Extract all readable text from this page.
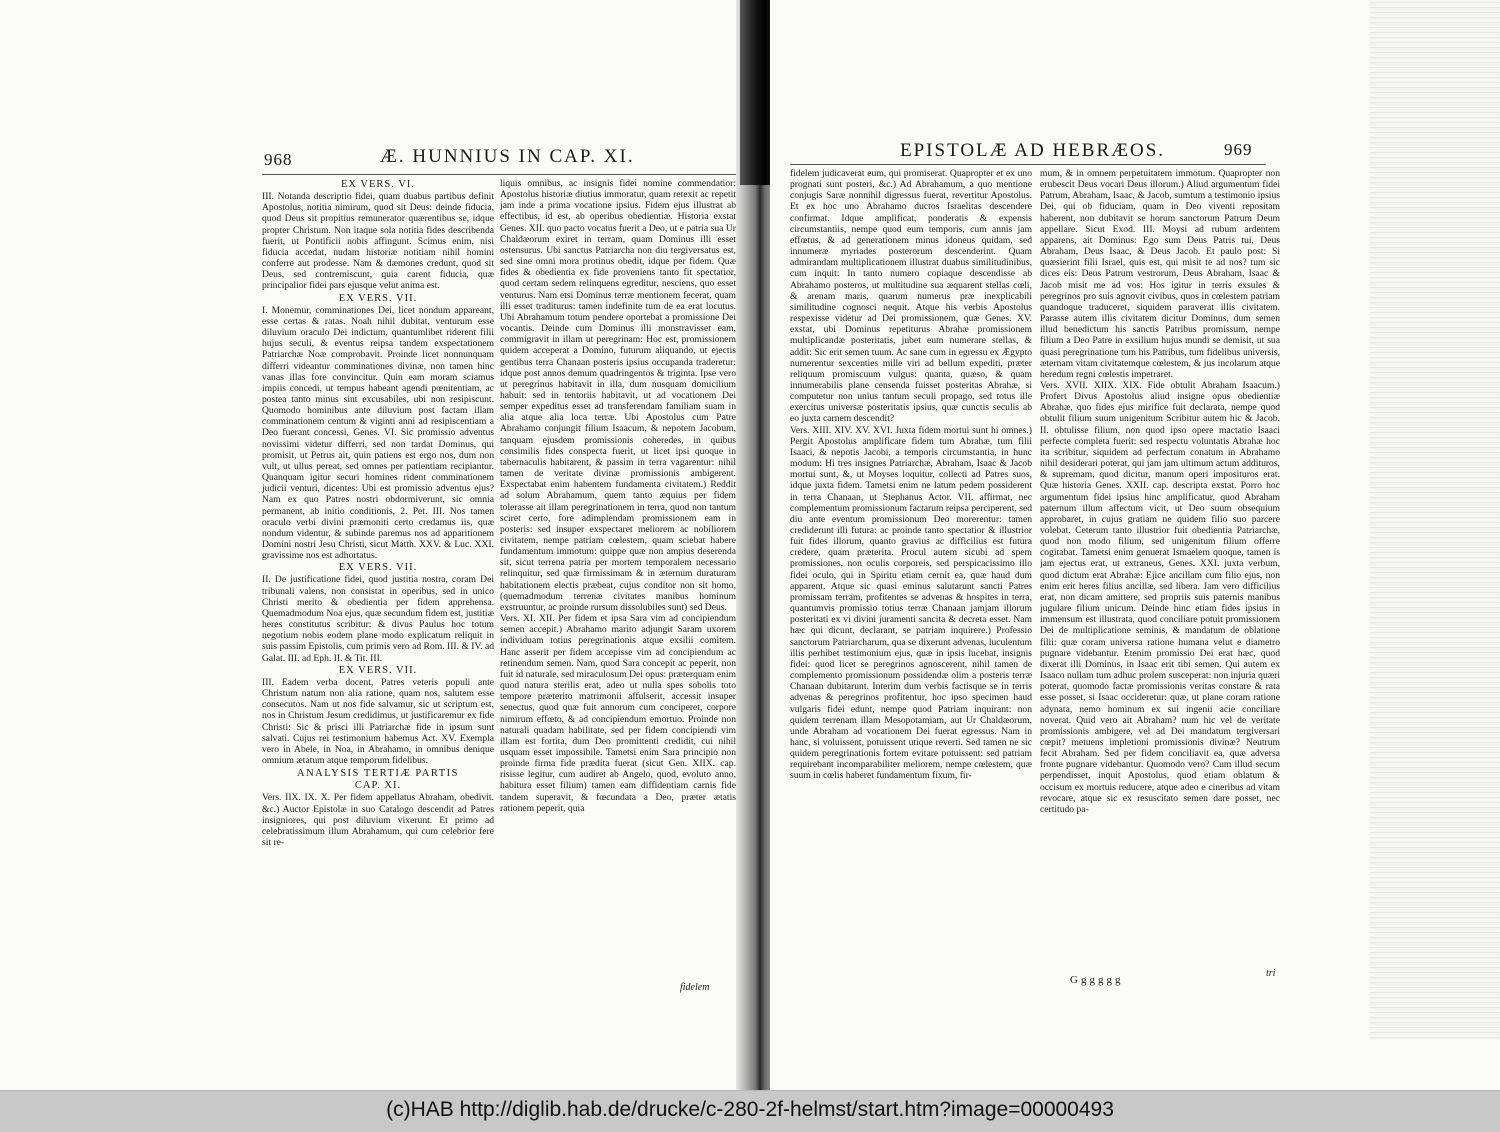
968	Æ. HUNNIUS IN CAP. XI.
EX VERS. VI.

III. Notanda descriptio fidei, quam duabus partibus definit Apostolus, notitia nimirum, quod sit Deus: deinde fiducia, quod Deus sit propitius remunerator quærentibus se, idque propter Christum. Non itaque sola notitia fides describenda fuerit, ut Pontificii nobis affingunt. Scimus enim, nisi fiducia accedat, nudam historiæ notitiam nihil homini conferre aut prodesse. Nam & dæmones credunt, quod sit Deus, sed contremiscunt, quia carent fiducia, quæ principalior fidei pars ejusque velut anima est.

EX VERS. VII.

I. Monemur, comminationes Dei, licet nondum appareant, esse certas & ratas. Noah nihil dubitat, venturum esse diluvium oraculo Dei indictum, quantumlibet riderent filii hujus seculi, & eventus reipsa tandem exspectationem Patriarchæ Noæ comprobavit. Proinde licet nonnunquam differri videantur comminationes divinæ, non tamen hinc vanas illas fore convincitur. Quin eam moram sciamus impiis concedi, ut tempus habeant agendi pœnitentiam, ac postea tanto minus sint excusabiles, ubi non resipiscunt. Quomodo hominibus ante diluvium post factam illam comminationem centum & viginti anni ad resipiscentiam a Deo fuerant concessi, Genes. VI. Sic promissio adventus novissimi videtur differri, sed non tardat Dominus, qui promisit, ut Petrus ait, quin patiens est ergo nos, dum non vult, ut ullus pereat, sed omnes per patientiam recipiantur. Quanquam igitur securi homines rident comminationem judicii venturi, dicentes: Ubi est promissio adventus ejus? Nam ex quo Patres nostri obdormiverunt, sic omnia permanent, ab initio conditionis, 2. Pet. III. Nos tamen oraculo verbi divini præmoniti certo credamus iis, quæ nondum videntur, & subinde paremus nos ad apparitionem Domini nostri Jesu Christi, sicut Matth. XXV. & Luc. XXI. gravissime nos est adhortatus.

EX VERS. VII.

II. De justificatione fidei, quod justitia nostra, coram Dei tribunali valens, non consistat in operibus, sed in unico Christi merito & obedientia per fidem apprehensa. Quemadmodum Noa ejus, quæ secundum fidem est, justitiæ heres constitutus scribitur: & divus Paulus hoc totum negotium nobis eodem plane modo explicatum reliquit in suis passim Epistolis, cum primis vero ad Rom. III. & IV. ad Galat. III. ad Eph. II. & Tit. III.

EX VERS. VII.

III. Eadem verba docent, Patres veteris populi ante Christum natum non alia ratione, quam nos, salutem esse consecutos. Nam ut nos fide salvamur, sic ut scriptum est, nos in Christum Jesum credidimus, ut justificaremur ex fide Christi: Sic & prisci illi Patriarchæ fide in ipsum sunt salvati. Cujus rei testimonium habemus Act. XV. Exempla vero in Abele, in Noa, in Abrahamo, in omnibus denique omnium ætatum atque temporum fidelibus.

ANALYSIS TERTIÆ PARTIS
CAP. XI.

Vers. IIX. IX. X. Per fidem appellatus Abraham, obedivit. &c.) Auctor Epistolæ in suo Catalogo descendit ad Patres insigniores, qui post diluvium vixerunt. Et primo ad celebratissimum illum Abrahamum, qui cum celebrior fere sit re-

liquis omnibus, ac insignis fidei nomine commendatior: Apostolus historiæ diutius immoratur, quam retexit ac repetit jam inde a prima vocatione ipsius. Fidem ejus illustrat ab effectibus, id est, ab operibus obedientiæ. Historia exstat Genes. XII. quo pacto vocatus fuerit a Deo, ut e patria sua Ur Chaldæorum exiret in terram, quam Dominus illi esset ostensurus. Ubi sanctus Patriarcha non diu tergiversatus est, sed sine omni mora protinus obedit, idque per fidem. Quæ fides & obedientia ex fide proveniens tanto fit spectatior, quod certam sedem relinquens egreditur, nesciens, quo esset venturus. Nam etsi Dominus terræ mentionem fecerat, quam illi esset traditurus: tamen indefinite tum de ea erat locutus. Ubi Abrahamum totum pendere oportebat a promissione Dei vocantis. Deinde cum Dominus illi monstravisset eam, commigravit in illam ut peregrinam: Hoc est, promissionem quidem acceperat a Domino, futurum aliquando, ut ejectis gentibus terra Chanaan posteris ipsius occupanda traderetur: idque post annos demum quadringentos & triginta. Ipse vero ut peregrinus habitavit in illa, dum nusquam domicilium habuit: sed in tentoriis habitavit, ut ad vocationem Dei semper expeditus esset ad transferendam familiam suam in alia atque alia loca terræ. Ubi Apostolus cum Patre Abrahamo conjungit filium Isaacum, & nepotem Jacobum, tanquam ejusdem promissionis coheredes, in quibus consimilis fides conspecta fuerit, ut licet ipsi quoque in tabernaculis habitarent, & passim in terra vagarentur: nihil tamen de veritate divinæ promissionis ambigerent. Exspectabat enim habentem fundamenta civitatem.) Reddit ad solum Abrahamum, quem tanto æquius per fidem tolerasse ait illam peregrinationem in terra, quod non tantum sciret certo, fore adimplendam promissionem eam in posteris: sed insuper exspectaret meliorem ac nobiliorem civitatem, nempe patriam cœlestem, quam sciebat habere fundamentum immotum: quippe quæ non ampius deserenda sit, sicut terrena patria per mortem temporalem necessario relinquitur, sed quæ firmissimam & in æternum duraturam habitationem electis præbeat, cujus conditor non sit homo, (quemadmodum terrenæ civitates manibus hominum exstruuntur, ac proinde rursum dissolubiles sunt) sed Deus.

Vers. XI. XII. Per fidem et ipsa Sara vim ad concipiendum semen accepit.) Abrahamo marito adjungit Saram uxorem individuam totius peregrinationis atque exsilii comitem. Hanc asserit per fidem accepisse vim ad concipiendum ac retinendum semen. Nam, quod Sara concepit ac peperit, non fuit id naturale, sed miraculosum Dei opus: præterquam enim quod natura sterilis erat, adeo ut nulla spes sobolis toto tempore præterito matrimonii affulserit, accessit insuper senectus, quod quæ fuit annorum cum conciperet, corpore nimirum effœto, & ad concipiendum emortuo. Proinde non naturali quadam habilitate, sed per fidem concipiendi vim illam est fortita, dum Deo promittenti credidit, cui nihil usquam esset impossibile. Tametsi enim Sara principio non proinde firma fide prædita fuerat (sicut Gen. XIIX. cap. risisse legitur, cum audiret ab Angelo, quod, evoluto anno, habitura esset filium) tamen eam diffidentiam carnis fide tandem superavit, & fœcundata a Deo, præter ætatis rationem peperit, quia

fidelem
EPISTOLÆ AD HEBRÆOS.	969

fidelem judicaverat eum, qui promiserat. Quapropter et ex uno prognati sunt posteri, &c.) Ad Abrahamum, a quo mentione conjugis Saræ nonnihil digressus fuerat, revertitur Apostolus. Et ex hoc uno Abrahamo ductos Israelitas descendere confirmat. Idque amplificat, ponderatis & expensis circumstantiis, nempe quod eum temporis, cum annis jam effœtus, & ad generationem minus idoneus quidam, sed innumeræ myriades posterorum descenderint. Quam admirandam multiplicationem illustrat duabus similitudinibus, cum inquit: In tanto numero copiaque descendisse ab Abrahamo posteros, ut multitudine sua æquarent stellas cœli, & arenam maris, quarum numerus præ inexplicabili similitudine cognosci nequit. Atque his verbis Apostolus respexisse videtur ad Dei promissionem, quæ Genes. XV. exstat, ubi Dominus repetiturus Abrahæ promissionem multiplicandæ posteritatis, jubet eum numerare stellas, & addit: Sic erit semen tuum. Ac sane cum in egressu ex Ægypto numerentur sexcenties mille viri ad bellum expediti, præter reliquum promiscuum vulgus: quanta, quæso, & quam innumerabilis plane censenda fuisset posteritas Abrahæ, si computetur non unius tantum seculi propago, sed totus ille exercitus universæ posteritatis ipsius, quæ cunctis seculis ab eo juxta carnem descendit?

Vers. XIII. XIV. XV. XVI. Juxta fidem mortui sunt hi omnes.) Pergit Apostolus amplificare fidem tum Abrahæ, tum filii Isaaci, & nepotis Jacobi, a temporis circumstantia, in hunc modum: Hi tres insignes Patriarchæ, Abraham, Isaac & Jacob mortui sunt, &, ut Moyses loquitur, collecti ad Patres suos, idque juxta fidem. Tametsi enim ne latum pedem possiderent in terra Chanaan, ut Stephanus Actor. VII. affirmat, nec complementum promissionum factarum reipsa perciperent, sed diu ante eventum promissionum Deo morerentur: tamen crediderunt illi futura: ac proinde tanto spectatior & illustrior fuit fides illorum, quanto gravius ac difficilius est futura credere, quam præterita. Procul autem sicubi ad spem promissiones, non oculis corporeis, sed perspicacissimo illo fidei oculo, qui in Spiritu etiam cernit ea, quæ haud dum apparent. Atque sic quasi eminus salutarunt sancti Patres promissam terram, profitentes se advenas & hospites in terra, quantumvis promissio totius terræ Chanaan jamjam illorum posteritati ex vi divini juramenti sancita & decreta esset. Nam hæc qui dicunt, declarant, se patriam inquirere.) Professio sanctorum Patriarcharum, qua se dixerunt advenas, luculentum illis perhibet testimonium ejus, quæ in ipsis lucebat, insignis fidei: quod licet se peregrinos agnoscerent, nihil tamen de complemento promissionum possidendæ olim a posteris terræ Chanaan dubitarunt. Interim dum verbis factisque se in terris advenas & peregrinos profitentur, hoc ipso specimen haud vulgaris fidei edunt, nempe quod Patriam inquirant: non quidem terrenam illam Mesopotamiam, aut Ur Chaldæorum, unde Abraham ad vocationem Dei fuerat egressus. Nam in hanc, si voluissent, potuissent utique reverti. Sed tamen ne sic quidem peregrinationis fortem evitare potuissent: sed patriam requirebant incomparabiliter meliorem, nempe cœlestem, quæ suum in cœlis haberet fundamentum fixum, fir-

mum, & in omnem perpetuitatem immotum. Quapropter non erubescit Deus vocari Deus illorum.) Aliud argumentum fidei Patrum, Abraham, Isaac, & Jacob, sumtum a testimonio ipsius Dei, qui ob fiduciam, quam in Deo viventi repositam haberent, non dubitavit se horum sanctorum Patrum Deum appellare. Sicut Exod. III. Moysi ad rubum ardentem apparens, ait Dominus: Ego sum Deus Patris tui, Deus Abraham, Deus Isaac, & Deus Jacob. Et paulo post: Si quæsierint filii Israel, quis est, qui misit te ad nos? tum sic dices eis: Deus Patrum vestrorum, Deus Abraham, Isaac & Jacob misit me ad vos: Hos igitur in terris exsules & peregrinos pro suis agnovit civibus, quos in cœlestem patriam quandoque traduceret, siquidem paraverat illis civitatem. Parasse autem illis civitatem dicitur Dominus, dum semen illud benedictum his sanctis Patribus promissum, nempe filium a Deo Patre in exsilium hujus mundi se demisit, ut sua quasi peregrinatione tum his Patribus, tum fidelibus universis, æternam vitam civitatemque cœlestem, & jus incolarum atque heredum regni cœlestis impetraret.

Vers. XVII. XIIX. XIX. Fide obtulit Abraham Isaacum.) Profert Divus Apostolus aliud insigne opus obedientiæ Abrahæ, quo fides ejus mirifice fuit declarata, nempe quod obtulit filium suum unigenitum Scribitur autem hic & Jacob. II. obtulisse filium, non quod ipso opere mactatio Isaaci perfecte completa fuerit: sed respectu voluntatis Abrahæ hoc ita scribitur, siquidem ad perfectum conatum in Abrahamo nihil desiderari poterat, qui jam jam ultimum actum addituros, & supremam, quod dicitur, manum operi imposituros erat. Quæ historia Genes. XXII. cap. descripta exstat. Porro hoc argumentum fidei ipsius hinc amplificatur, quod Abraham paternum illum affectum vicit, ut Deo suum obsequium approbaret, in cujus gratiam ne quidem filio suo parcere volebat. Ceterum tanto illustrior fuit obedientia Patriarchæ, quod non modo filium, sed unigenitum filium offerre cogitabat. Tametsi enim genuerat Ismaelem quoque, tamen is jam ejectus erat, ut extraneus, Genes. XXI. juxta verbum, quod dictum erat Abrahæ: Ejice ancillam cum filio ejus, non enim erit heres filius ancillæ, sed libera. Jam vero difficilius erat, non dicam amittere, sed propriis suis paternis manibus jugulare filium unicum. Deinde hinc etiam fides ipsius in immensum est illustrata, quod conciliare potuit promissionem Dei de multiplicatione seminis, & mandatum de oblatione filii: quæ coram universa ratione humana velut e diametro pugnare videbantur. Etenim promissio Dei erat hæc, quod dixerat illi Dominus, in Isaac erit tibi semen. Qui autem ex Isaaco nullam tum adhuc prolem susceperat: non injuria quæri poterat, quomodo factæ promissionis veritas constare & rata esse posset, si Isaac occideretur: quæ, ut plane coram ratione adynata, nemo hominum ex sui ingenii acie conciliare noverat. Quid vero ait Abraham? num hic vel de veritate promissionis ambigere, vel ad Dei mandatum tergiversari cœpit? metuens impletioni promissionis divinæ? Neutrum fecit Abraham. Sed per fidem conciliavit ea, quæ adversa fronte pugnare videbantur. Quomodo vero? Cum illud secum perpendisset, inquit Apostolus, quod etiam oblatum & occisum ex mortuis reducere, atque adeo e cineribus ad vitam revocare, atque sic ex resuscitato semen dare posset, nec certitudo pa-

Gggggg
tri
(c)HAB http://diglib.hab.de/drucke/c-280-2f-helmst/start.htm?image=00000493
